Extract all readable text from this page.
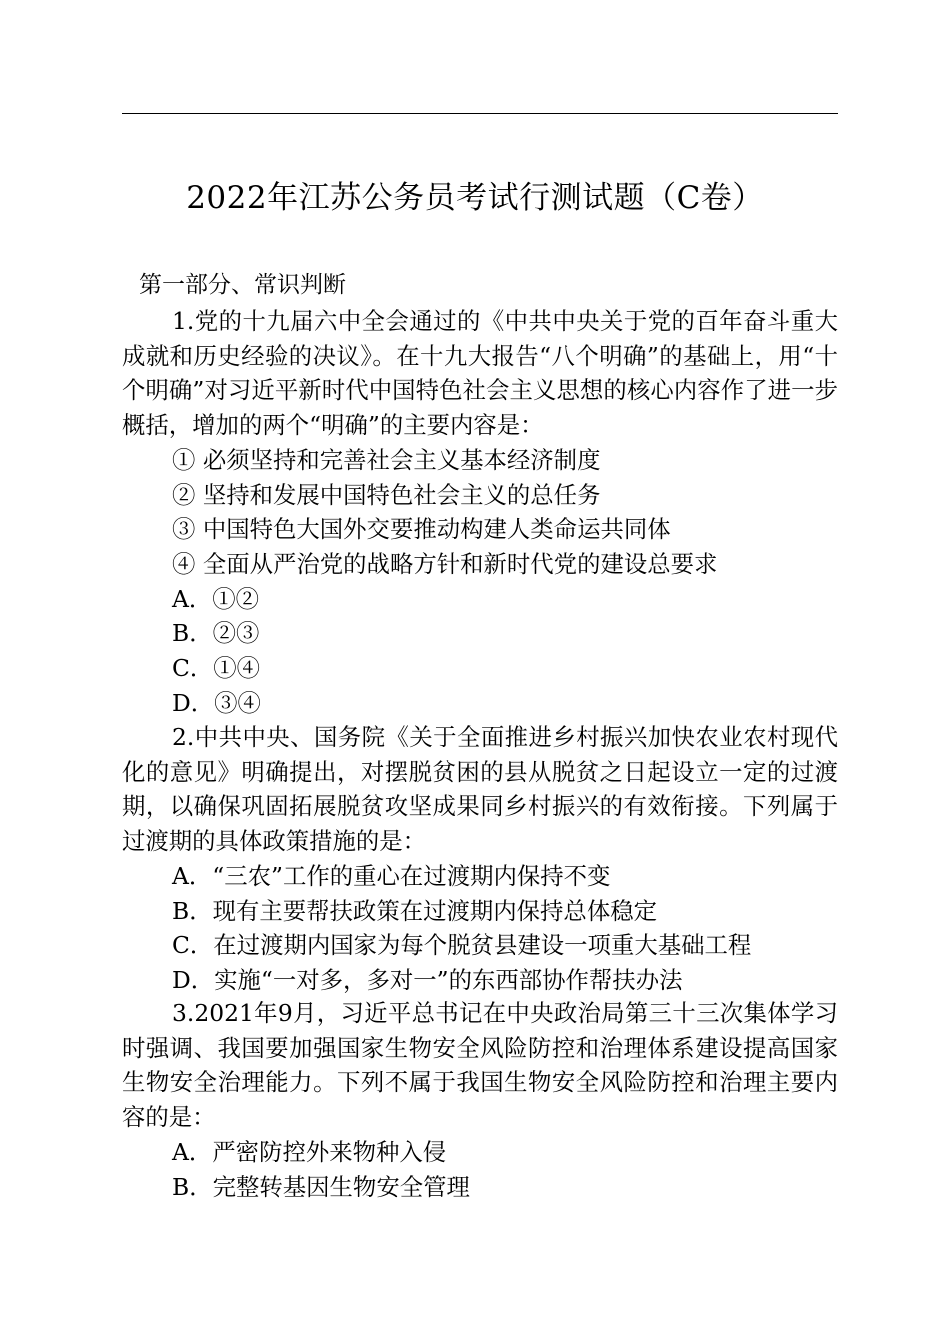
2022年江苏公务员考试行测试题（C卷）
第一部分、常识判断

1.党的十九届六中全会通过的《中共中央关于党的百年奋斗重大成就和历史经验的决议》。在十九大报告“八个明确”的基础上，用“十个明确”对习近平新时代中国特色社会主义思想的核心内容作了进一步概括，增加的两个“明确”的主要内容是：

① 必须坚持和完善社会主义基本经济制度

② 坚持和发展中国特色社会主义的总任务

③ 中国特色大国外交要推动构建人类命运共同体

④ 全面从严治党的战略方针和新时代党的建设总要求

A．①②

B．②③

C．①④

D．③④

2.中共中央、国务院《关于全面推进乡村振兴加快农业农村现代化的意见》明确提出，对摆脱贫困的县从脱贫之日起设立一定的过渡期，以确保巩固拓展脱贫攻坚成果同乡村振兴的有效衔接。下列属于过渡期的具体政策措施的是：

A．“三农”工作的重心在过渡期内保持不变

B．现有主要帮扶政策在过渡期内保持总体稳定

C．在过渡期内国家为每个脱贫县建设一项重大基础工程

D．实施“一对多，多对一”的东西部协作帮扶办法

3.2021年9月，习近平总书记在中央政治局第三十三次集体学习时强调、我国要加强国家生物安全风险防控和治理体系建设提高国家生物安全治理能力。下列不属于我国生物安全风险防控和治理主要内容的是：

A．严密防控外来物种入侵

B．完整转基因生物安全管理
